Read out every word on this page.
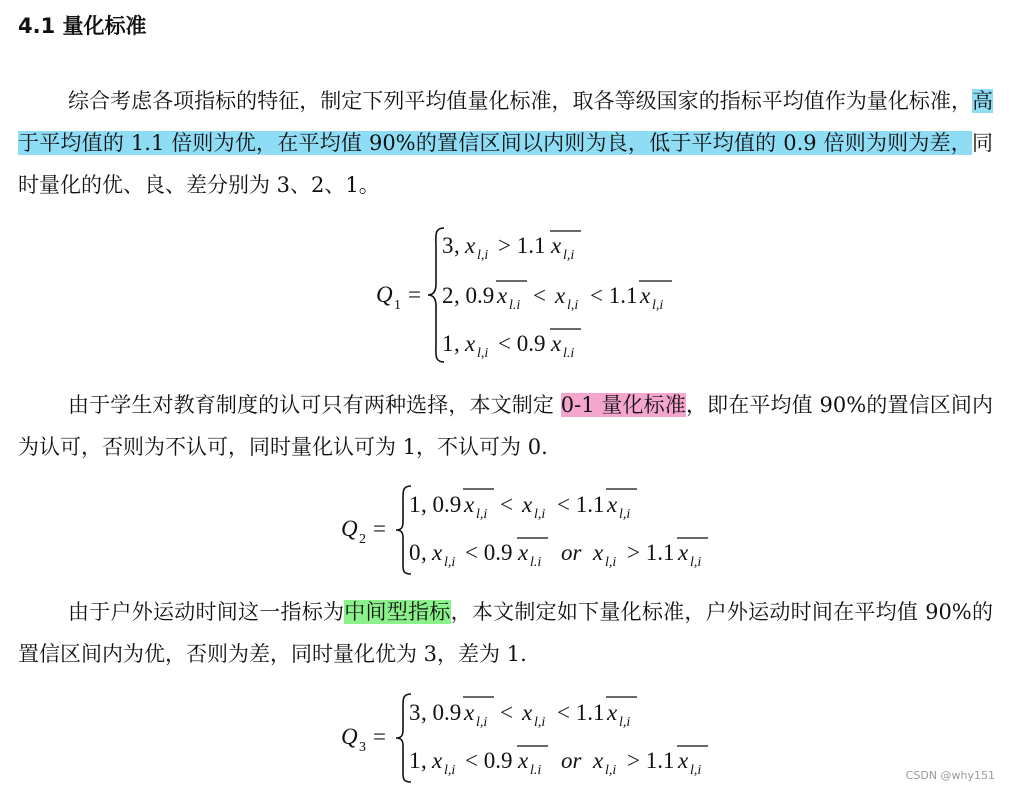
4.1 量化标准

综合考虑各项指标的特征，制定下列平均值量化标准，取各等级国家的指标平均值作为量化标准，高于平均值的 1.1 倍则为优，在平均值 90%的置信区间以内则为良，低于平均值的 0.9 倍则为则为差，同时量化的优、良、差分别为 3、2、1。

Q 1 =
3 , x l,i > 1.1 x l,i
2 , 0.9 x l.i < x l,i < 1.1 x l,i
1 , x l,i < 0.9 x l.i

由于学生对教育制度的认可只有两种选择，本文制定 0-1 量化标准，即在平均值 90%的置信区间内为认可，否则为不认可，同时量化认可为 1，不认可为 0.

Q 2 =
1 , 0.9 x l,i < x l,i < 1.1 x l,i
0 , x l,i < 0.9 x l.i or x l,i > 1.1 x l,i

由于户外运动时间这一指标为中间型指标，本文制定如下量化标准，户外运动时间在平均值 90%的置信区间内为优，否则为差，同时量化优为 3，差为 1.

Q 3 =
3 , 0.9 x l,i < x l,i < 1.1 x l,i
1 , x l,i < 0.9 x l.i or x l,i > 1.1 x l,i	CSDN @why151
